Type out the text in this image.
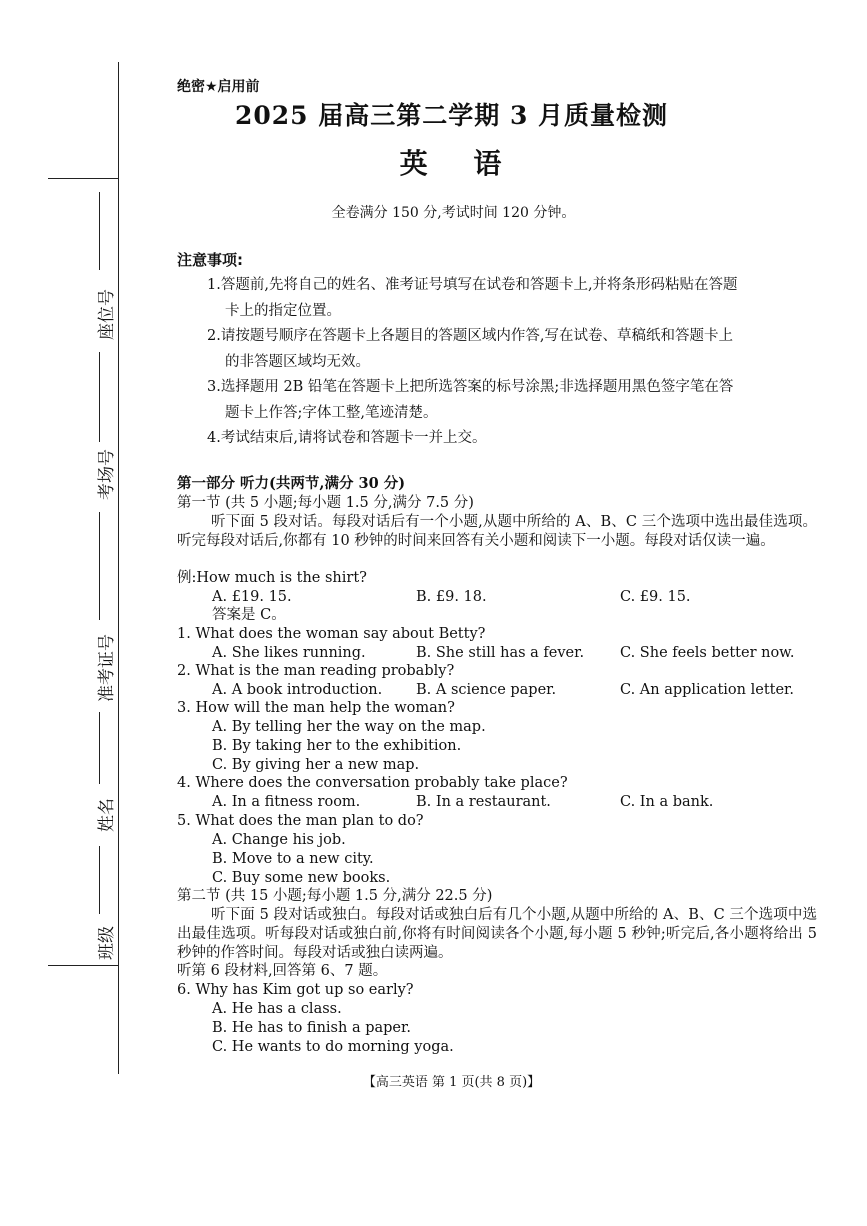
座位号
考场号
准考证号
姓名
班级
绝密★启用前
2025 届高三第二学期 3 月质量检测
英 语
全卷满分 150 分,考试时间 120 分钟。
注意事项:
1.答题前,先将自己的姓名、准考证号填写在试卷和答题卡上,并将条形码粘贴在答题
卡上的指定位置。
2.请按题号顺序在答题卡上各题目的答题区域内作答,写在试卷、草稿纸和答题卡上
的非答题区域均无效。
3.选择题用 2B 铅笔在答题卡上把所选答案的标号涂黑;非选择题用黑色签字笔在答
题卡上作答;字体工整,笔迹清楚。
4.考试结束后,请将试卷和答题卡一并上交。
第一部分 听力(共两节,满分 30 分)
第一节 (共 5 小题;每小题 1.5 分,满分 7.5 分)
听下面 5 段对话。每段对话后有一个小题,从题中所给的 A、B、C 三个选项中选出最佳选项。听完每段对话后,你都有 10 秒钟的时间来回答有关小题和阅读下一小题。每段对话仅读一遍。
例:How much is the shirt?
A. £19. 15.	B. £9. 18.	C. £9. 15.
答案是 C。
1. What does the woman say about Betty?
A. She likes running.	B. She still has a fever. C. She feels better now.
2. What is the man reading probably?
A. A book introduction. B. A science paper.	C. An application letter.
3. How will the man help the woman?
A. By telling her the way on the map.
B. By taking her to the exhibition.
C. By giving her a new map.
4. Where does the conversation probably take place?
A. In a fitness room.	B. In a restaurant.	C. In a bank.
5. What does the man plan to do?
A. Change his job.
B. Move to a new city.
C. Buy some new books.
第二节 (共 15 小题;每小题 1.5 分,满分 22.5 分)
听下面 5 段对话或独白。每段对话或独白后有几个小题,从题中所给的 A、B、C 三个选项中选出最佳选项。听每段对话或独白前,你将有时间阅读各个小题,每小题 5 秒钟;听完后,各小题将给出 5 秒钟的作答时间。每段对话或独白读两遍。
听第 6 段材料,回答第 6、7 题。
6. Why has Kim got up so early?
A. He has a class.
B. He has to finish a paper.
C. He wants to do morning yoga.
【高三英语 第 1 页(共 8 页)】
